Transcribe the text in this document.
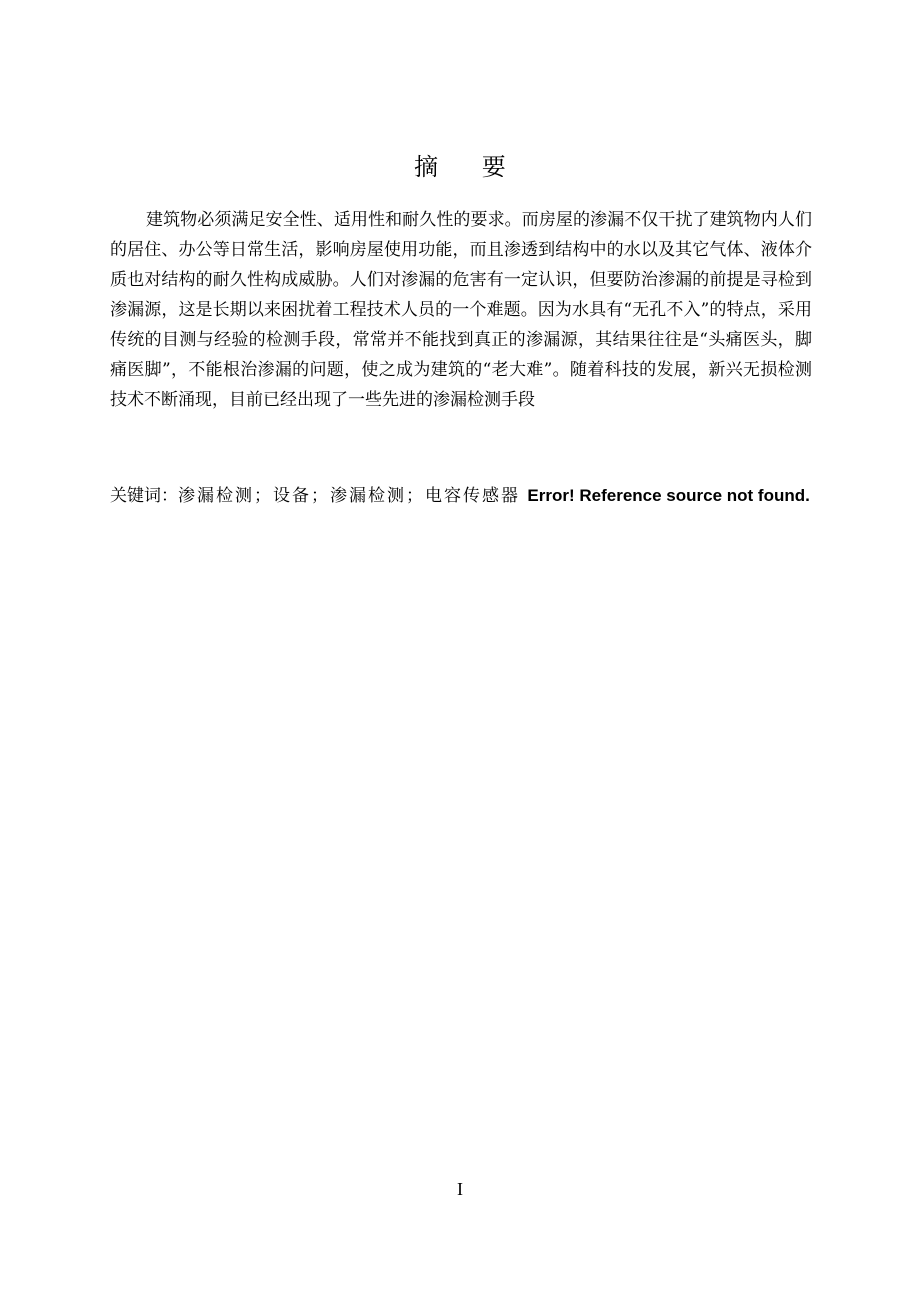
摘 要

建筑物必须满足安全性、适用性和耐久性的要求。而房屋的渗漏不仅干扰了建筑物内人们的居住、办公等日常生活，影响房屋使用功能，而且渗透到结构中的水以及其它气体、液体介质也对结构的耐久性构成威胁。人们对渗漏的危害有一定认识，但要防治渗漏的前提是寻检到渗漏源，这是长期以来困扰着工程技术人员的一个难题。因为水具有“无孔不入”的特点，采用传统的目测与经验的检测手段，常常并不能找到真正的渗漏源，其结果往往是“头痛医头，脚痛医脚”，不能根治渗漏的问题，使之成为建筑的“老大难”。随着科技的发展，新兴无损检测技术不断涌现，目前已经出现了一些先进的渗漏检测手段

关键词：渗漏检测；设备；渗漏检测；电容传感器 Error! Reference source not found.

I
